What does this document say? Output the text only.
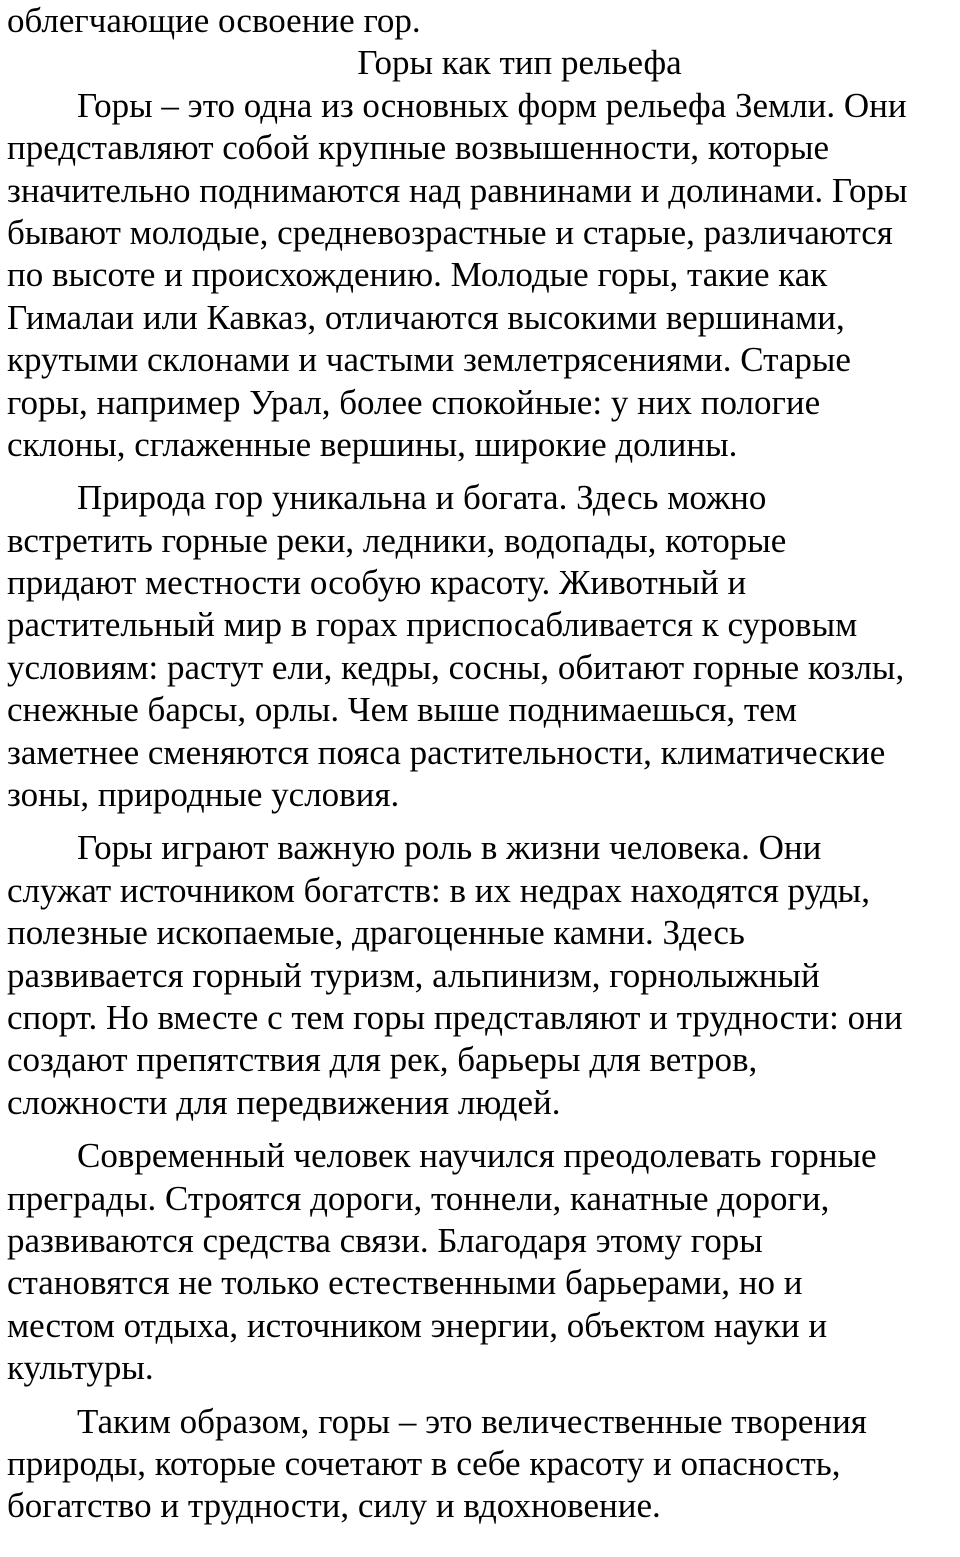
облегчающие освоение гор.
Горы как тип рельефа
Горы – это одна из основных форм рельефа Земли. Они
представляют собой крупные возвышенности, которые
значительно поднимаются над равнинами и долинами. Горы
бывают молодые, средневозрастные и старые, различаются
по высоте и происхождению. Молодые горы, такие как
Гималаи или Кавказ, отличаются высокими вершинами,
крутыми склонами и частыми землетрясениями. Старые
горы, например Урал, более спокойные: у них пологие
склоны, сглаженные вершины, широкие долины.
Природа гор уникальна и богата. Здесь можно
встретить горные реки, ледники, водопады, которые
придают местности особую красоту. Животный и
растительный мир в горах приспосабливается к суровым
условиям: растут ели, кедры, сосны, обитают горные козлы,
снежные барсы, орлы. Чем выше поднимаешься, тем
заметнее сменяются пояса растительности, климатические
зоны, природные условия.
Горы играют важную роль в жизни человека. Они
служат источником богатств: в их недрах находятся руды,
полезные ископаемые, драгоценные камни. Здесь
развивается горный туризм, альпинизм, горнолыжный
спорт. Но вместе с тем горы представляют и трудности: они
создают препятствия для рек, барьеры для ветров,
сложности для передвижения людей.
Современный человек научился преодолевать горные
преграды. Строятся дороги, тоннели, канатные дороги,
развиваются средства связи. Благодаря этому горы
становятся не только естественными барьерами, но и
местом отдыха, источником энергии, объектом науки и
культуры.
Таким образом, горы – это величественные творения
природы, которые сочетают в себе красоту и опасность,
богатство и трудности, силу и вдохновение.
